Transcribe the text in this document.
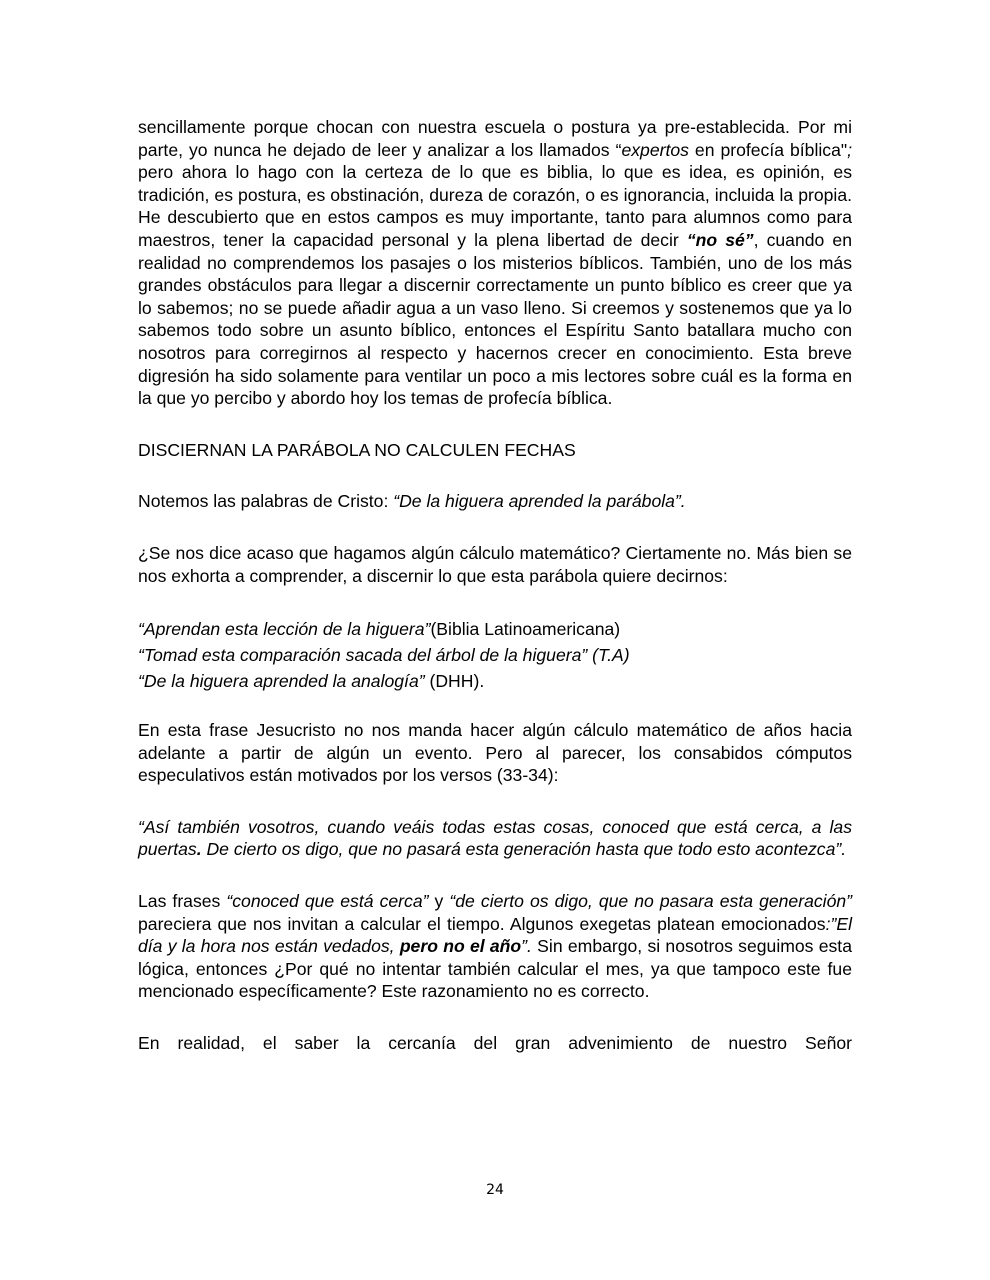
sencillamente porque chocan con nuestra escuela o postura ya pre-establecida. Por mi parte, yo nunca he dejado de leer y analizar a los llamados “expertos en profecía bíblica"; pero ahora lo hago con la certeza de lo que es biblia, lo que es idea, es opinión, es tradición, es postura, es obstinación, dureza de corazón, o es ignorancia, incluida la propia. He descubierto que en estos campos es muy importante, tanto para alumnos como para maestros, tener la capacidad personal y la plena libertad de decir “no sé”, cuando en realidad no comprendemos los pasajes o los misterios bíblicos. También, uno de los más grandes obstáculos para llegar a discernir correctamente un punto bíblico es creer que ya lo sabemos; no se puede añadir agua a un vaso lleno. Si creemos y sostenemos que ya lo sabemos todo sobre un asunto bíblico, entonces el Espíritu Santo batallara mucho con nosotros para corregirnos al respecto y hacernos crecer en conocimiento. Esta breve digresión ha sido solamente para ventilar un poco a mis lectores sobre cuál es la forma en la que yo percibo y abordo hoy los temas de profecía bíblica.

DISCIERNAN LA PARÁBOLA NO CALCULEN FECHAS

Notemos las palabras de Cristo: “De la higuera aprended la parábola”.

¿Se nos dice acaso que hagamos algún cálculo matemático? Ciertamente no. Más bien se nos exhorta a comprender, a discernir lo que esta parábola quiere decirnos:

“Aprendan esta lección de la higuera”(Biblia Latinoamericana)

“Tomad esta comparación sacada del árbol de la higuera” (T.A)

“De la higuera aprended la analogía” (DHH).

En esta frase Jesucristo no nos manda hacer algún cálculo matemático de años hacia adelante a partir de algún un evento. Pero al parecer, los consabidos cómputos especulativos están motivados por los versos (33-34):

“Así también vosotros, cuando veáis todas estas cosas, conoced que está cerca, a las puertas. De cierto os digo, que no pasará esta generación hasta que todo esto acontezca”.

Las frases “conoced que está cerca” y “de cierto os digo, que no pasara esta generación” pareciera que nos invitan a calcular el tiempo. Algunos exegetas platean emocionados:”El día y la hora nos están vedados, pero no el año”. Sin embargo, si nosotros seguimos esta lógica, entonces ¿Por qué no intentar también calcular el mes, ya que tampoco este fue mencionado específicamente? Este razonamiento no es correcto.

En realidad, el saber la cercanía del gran advenimiento de nuestro Señor

24
